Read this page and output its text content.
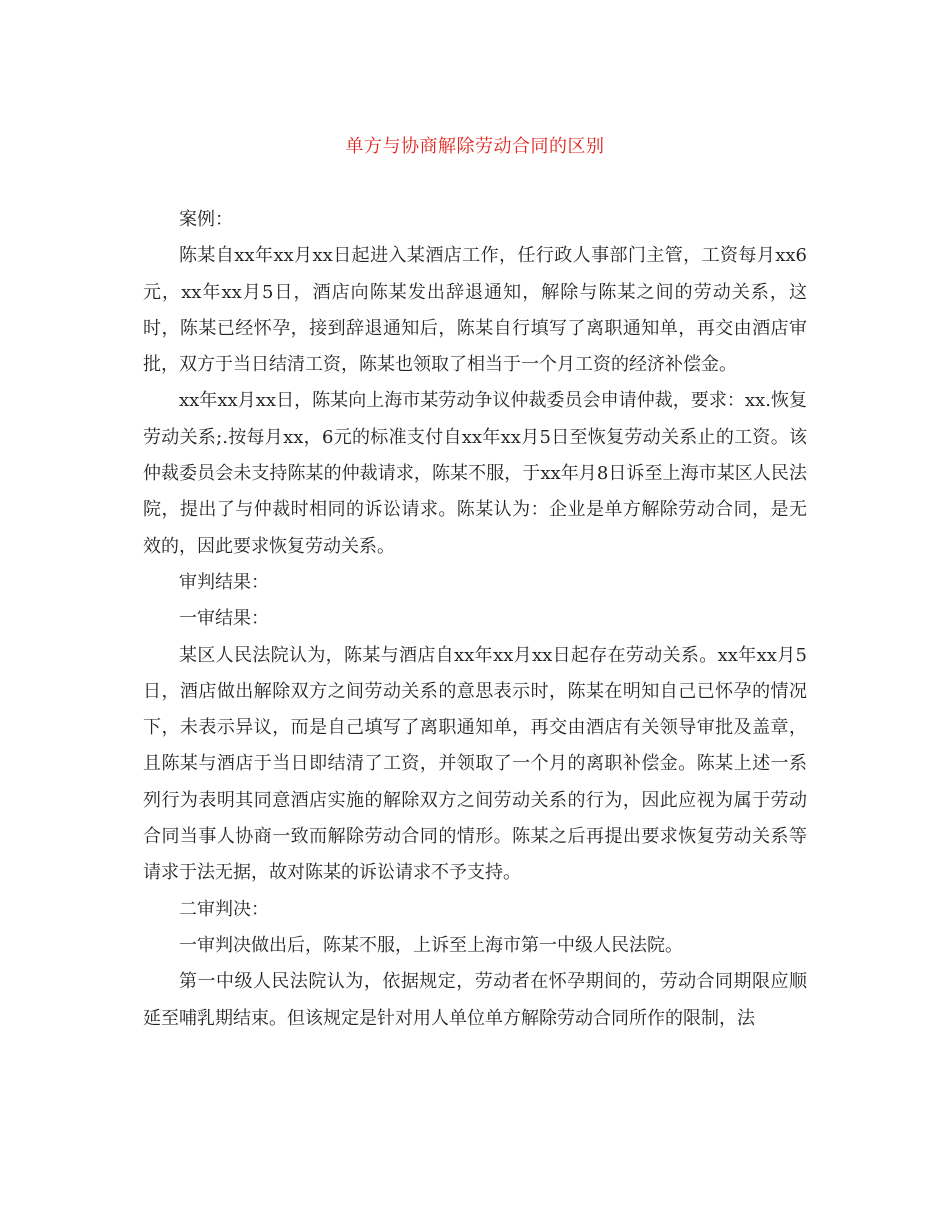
单方与协商解除劳动合同的区别

案例：

陈某自xx年xx月xx日起进入某酒店工作，任行政人事部门主管，工资每月xx6元，xx年xx月5日，酒店向陈某发出辞退通知，解除与陈某之间的劳动关系，这时，陈某已经怀孕，接到辞退通知后，陈某自行填写了离职通知单，再交由酒店审批，双方于当日结清工资，陈某也领取了相当于一个月工资的经济补偿金。

xx年xx月xx日，陈某向上海市某劳动争议仲裁委员会申请仲裁，要求：xx.恢复劳动关系;.按每月xx，6元的标准支付自xx年xx月5日至恢复劳动关系止的工资。该仲裁委员会未支持陈某的仲裁请求，陈某不服，于xx年月8日诉至上海市某区人民法院，提出了与仲裁时相同的诉讼请求。陈某认为：企业是单方解除劳动合同，是无效的，因此要求恢复劳动关系。

审判结果：

一审结果：

某区人民法院认为，陈某与酒店自xx年xx月xx日起存在劳动关系。xx年xx月5日，酒店做出解除双方之间劳动关系的意思表示时，陈某在明知自己已怀孕的情况下，未表示异议，而是自己填写了离职通知单，再交由酒店有关领导审批及盖章，且陈某与酒店于当日即结清了工资，并领取了一个月的离职补偿金。陈某上述一系列行为表明其同意酒店实施的解除双方之间劳动关系的行为，因此应视为属于劳动合同当事人协商一致而解除劳动合同的情形。陈某之后再提出要求恢复劳动关系等请求于法无据，故对陈某的诉讼请求不予支持。

二审判决：

一审判决做出后，陈某不服，上诉至上海市第一中级人民法院。

第一中级人民法院认为，依据规定，劳动者在怀孕期间的，劳动合同期限应顺延至哺乳期结束。但该规定是针对用人单位单方解除劳动合同所作的限制，法
